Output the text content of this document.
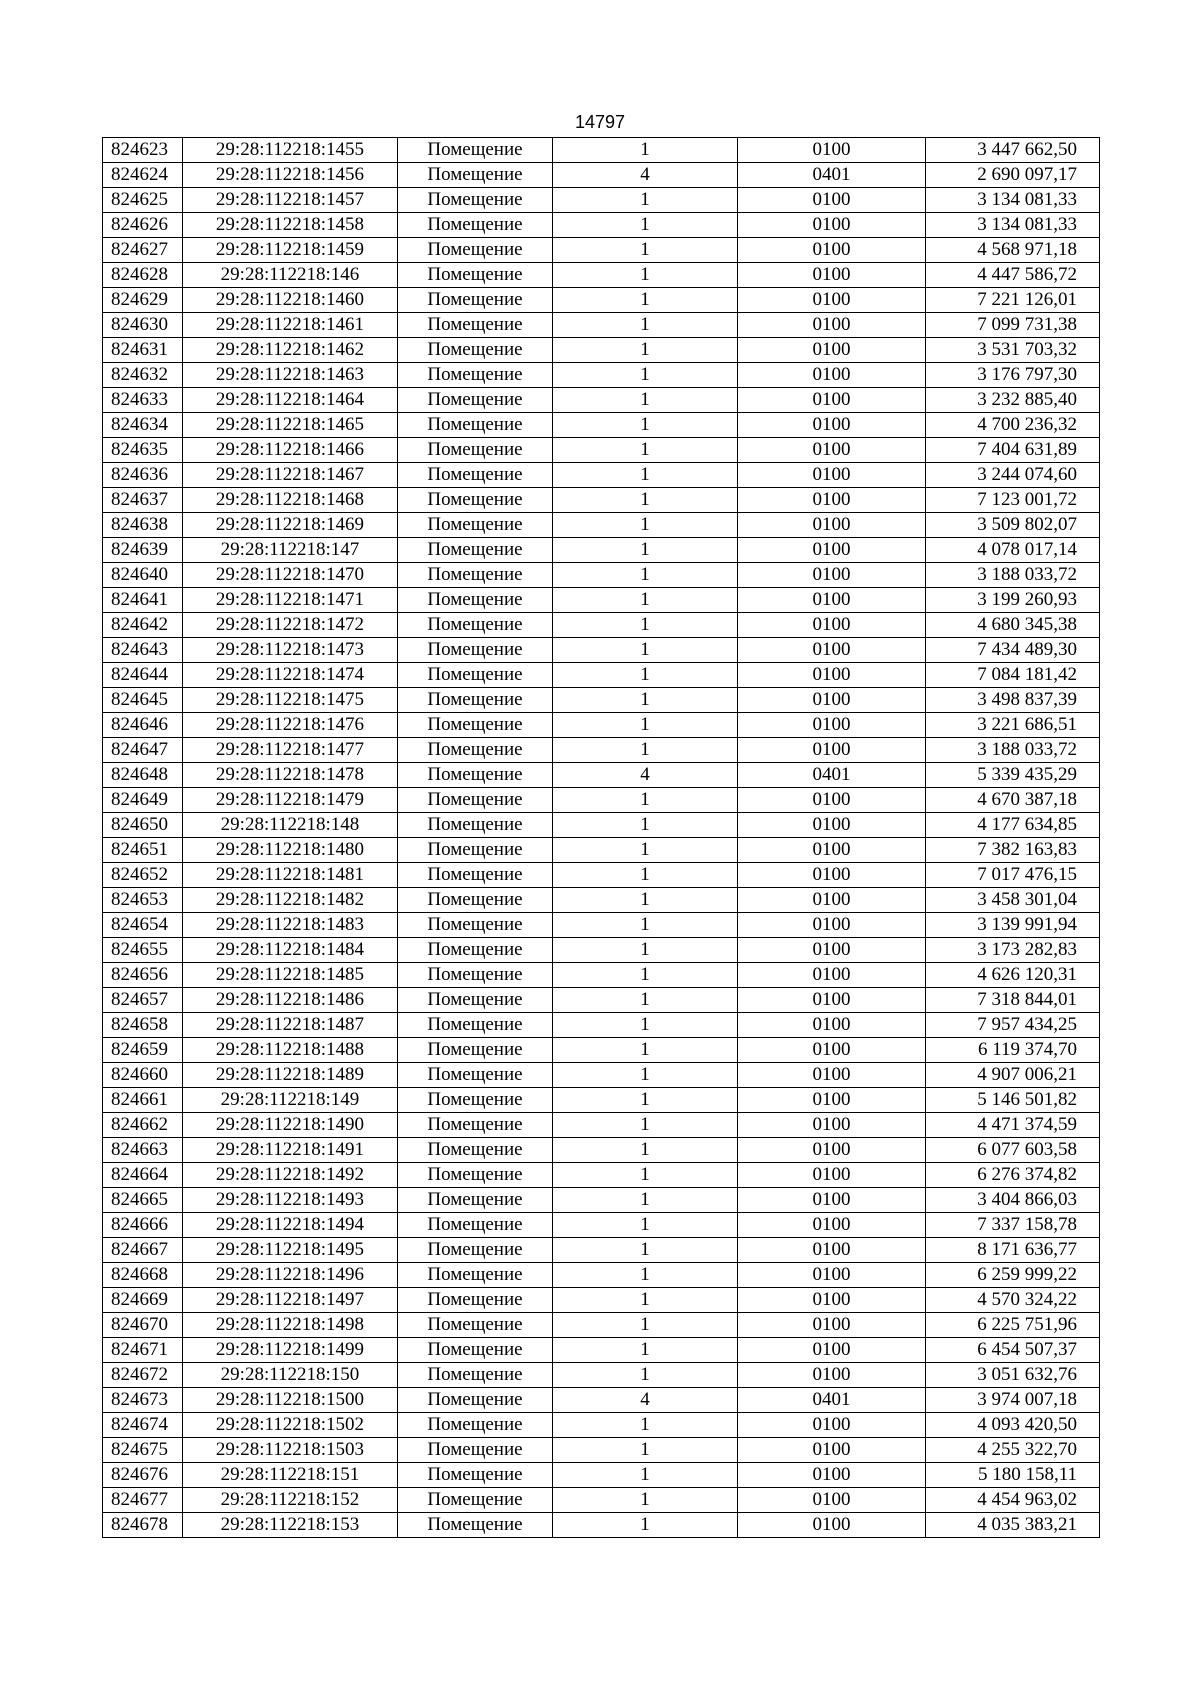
14797
824623	29:28:112218:1455	Помещение	1	0100	3 447 662,50
824624	29:28:112218:1456	Помещение	4	0401	2 690 097,17
824625	29:28:112218:1457	Помещение	1	0100	3 134 081,33
824626	29:28:112218:1458	Помещение	1	0100	3 134 081,33
824627	29:28:112218:1459	Помещение	1	0100	4 568 971,18
824628	29:28:112218:146	Помещение	1	0100	4 447 586,72
824629	29:28:112218:1460	Помещение	1	0100	7 221 126,01
824630	29:28:112218:1461	Помещение	1	0100	7 099 731,38
824631	29:28:112218:1462	Помещение	1	0100	3 531 703,32
824632	29:28:112218:1463	Помещение	1	0100	3 176 797,30
824633	29:28:112218:1464	Помещение	1	0100	3 232 885,40
824634	29:28:112218:1465	Помещение	1	0100	4 700 236,32
824635	29:28:112218:1466	Помещение	1	0100	7 404 631,89
824636	29:28:112218:1467	Помещение	1	0100	3 244 074,60
824637	29:28:112218:1468	Помещение	1	0100	7 123 001,72
824638	29:28:112218:1469	Помещение	1	0100	3 509 802,07
824639	29:28:112218:147	Помещение	1	0100	4 078 017,14
824640	29:28:112218:1470	Помещение	1	0100	3 188 033,72
824641	29:28:112218:1471	Помещение	1	0100	3 199 260,93
824642	29:28:112218:1472	Помещение	1	0100	4 680 345,38
824643	29:28:112218:1473	Помещение	1	0100	7 434 489,30
824644	29:28:112218:1474	Помещение	1	0100	7 084 181,42
824645	29:28:112218:1475	Помещение	1	0100	3 498 837,39
824646	29:28:112218:1476	Помещение	1	0100	3 221 686,51
824647	29:28:112218:1477	Помещение	1	0100	3 188 033,72
824648	29:28:112218:1478	Помещение	4	0401	5 339 435,29
824649	29:28:112218:1479	Помещение	1	0100	4 670 387,18
824650	29:28:112218:148	Помещение	1	0100	4 177 634,85
824651	29:28:112218:1480	Помещение	1	0100	7 382 163,83
824652	29:28:112218:1481	Помещение	1	0100	7 017 476,15
824653	29:28:112218:1482	Помещение	1	0100	3 458 301,04
824654	29:28:112218:1483	Помещение	1	0100	3 139 991,94
824655	29:28:112218:1484	Помещение	1	0100	3 173 282,83
824656	29:28:112218:1485	Помещение	1	0100	4 626 120,31
824657	29:28:112218:1486	Помещение	1	0100	7 318 844,01
824658	29:28:112218:1487	Помещение	1	0100	7 957 434,25
824659	29:28:112218:1488	Помещение	1	0100	6 119 374,70
824660	29:28:112218:1489	Помещение	1	0100	4 907 006,21
824661	29:28:112218:149	Помещение	1	0100	5 146 501,82
824662	29:28:112218:1490	Помещение	1	0100	4 471 374,59
824663	29:28:112218:1491	Помещение	1	0100	6 077 603,58
824664	29:28:112218:1492	Помещение	1	0100	6 276 374,82
824665	29:28:112218:1493	Помещение	1	0100	3 404 866,03
824666	29:28:112218:1494	Помещение	1	0100	7 337 158,78
824667	29:28:112218:1495	Помещение	1	0100	8 171 636,77
824668	29:28:112218:1496	Помещение	1	0100	6 259 999,22
824669	29:28:112218:1497	Помещение	1	0100	4 570 324,22
824670	29:28:112218:1498	Помещение	1	0100	6 225 751,96
824671	29:28:112218:1499	Помещение	1	0100	6 454 507,37
824672	29:28:112218:150	Помещение	1	0100	3 051 632,76
824673	29:28:112218:1500	Помещение	4	0401	3 974 007,18
824674	29:28:112218:1502	Помещение	1	0100	4 093 420,50
824675	29:28:112218:1503	Помещение	1	0100	4 255 322,70
824676	29:28:112218:151	Помещение	1	0100	5 180 158,11
824677	29:28:112218:152	Помещение	1	0100	4 454 963,02
824678	29:28:112218:153	Помещение	1	0100	4 035 383,21
